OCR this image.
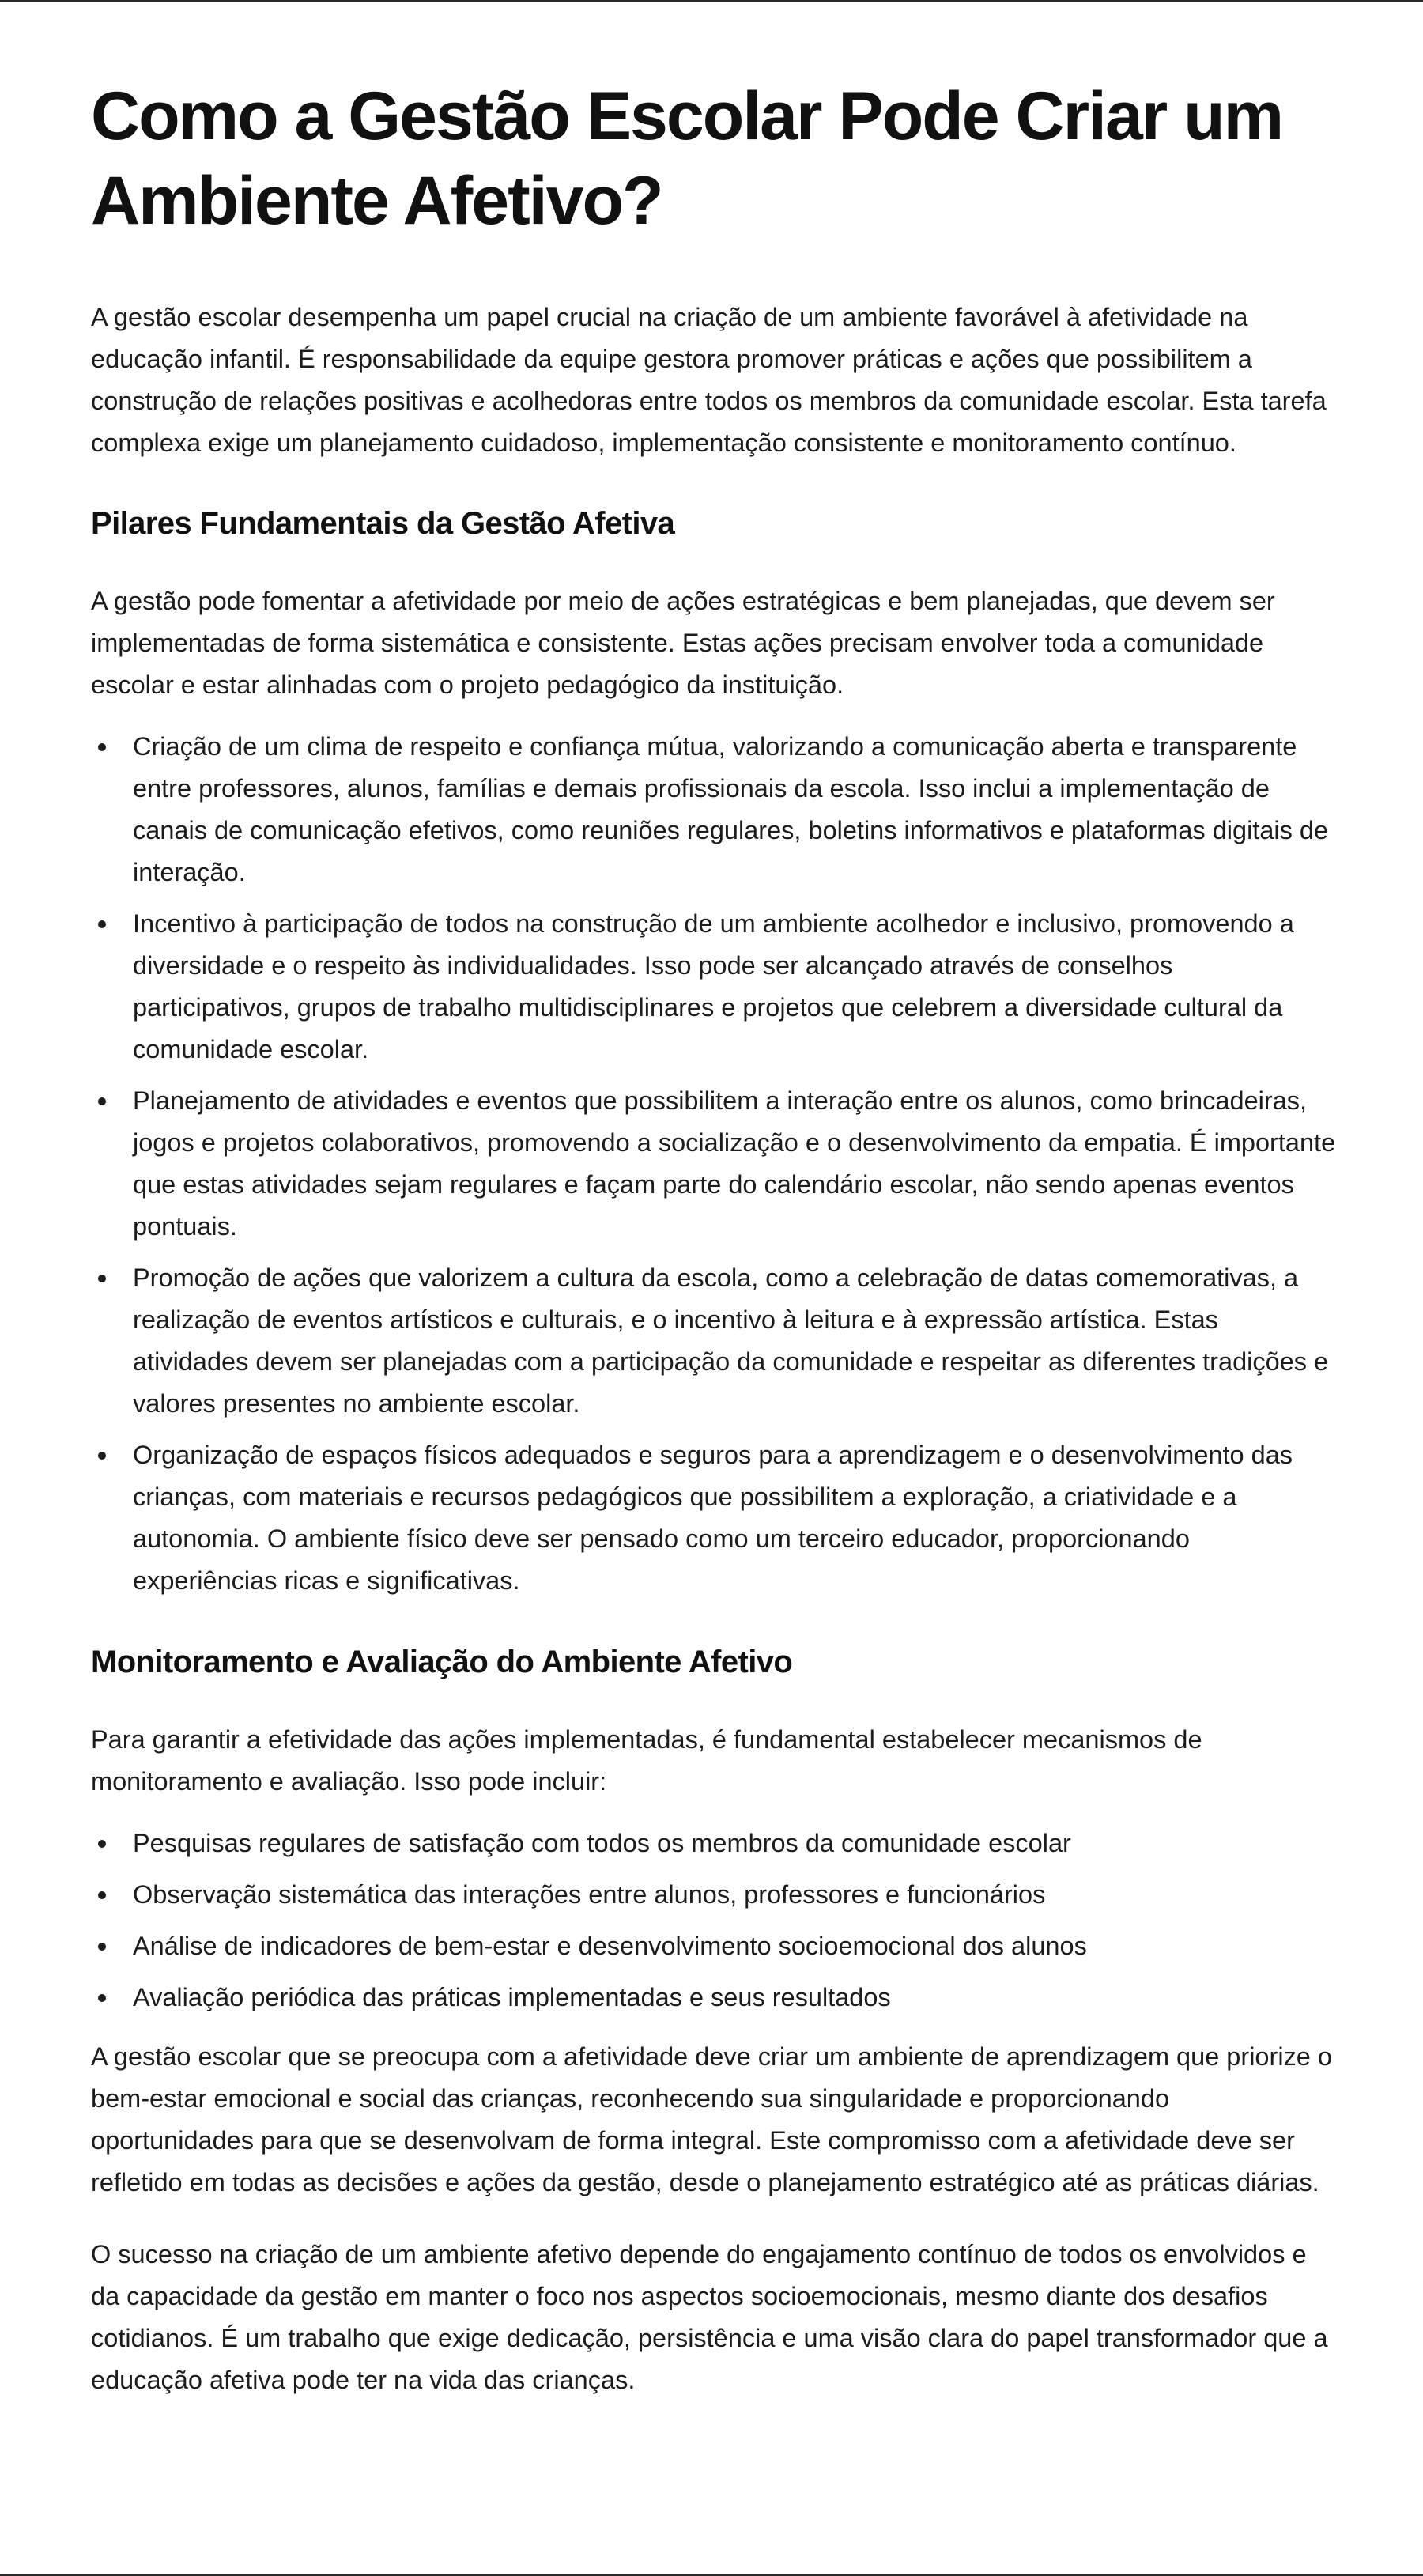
Como a Gestão Escolar Pode Criar um Ambiente Afetivo?

A gestão escolar desempenha um papel crucial na criação de um ambiente favorável à afetividade na educação infantil. É responsabilidade da equipe gestora promover práticas e ações que possibilitem a construção de relações positivas e acolhedoras entre todos os membros da comunidade escolar. Esta tarefa complexa exige um planejamento cuidadoso, implementação consistente e monitoramento contínuo.

Pilares Fundamentais da Gestão Afetiva

A gestão pode fomentar a afetividade por meio de ações estratégicas e bem planejadas, que devem ser implementadas de forma sistemática e consistente. Estas ações precisam envolver toda a comunidade escolar e estar alinhadas com o projeto pedagógico da instituição.

Criação de um clima de respeito e confiança mútua, valorizando a comunicação aberta e transparente entre professores, alunos, famílias e demais profissionais da escola. Isso inclui a implementação de canais de comunicação efetivos, como reuniões regulares, boletins informativos e plataformas digitais de interação.
Incentivo à participação de todos na construção de um ambiente acolhedor e inclusivo, promovendo a diversidade e o respeito às individualidades. Isso pode ser alcançado através de conselhos participativos, grupos de trabalho multidisciplinares e projetos que celebrem a diversidade cultural da comunidade escolar.
Planejamento de atividades e eventos que possibilitem a interação entre os alunos, como brincadeiras, jogos e projetos colaborativos, promovendo a socialização e o desenvolvimento da empatia. É importante que estas atividades sejam regulares e façam parte do calendário escolar, não sendo apenas eventos pontuais.
Promoção de ações que valorizem a cultura da escola, como a celebração de datas comemorativas, a realização de eventos artísticos e culturais, e o incentivo à leitura e à expressão artística. Estas atividades devem ser planejadas com a participação da comunidade e respeitar as diferentes tradições e valores presentes no ambiente escolar.
Organização de espaços físicos adequados e seguros para a aprendizagem e o desenvolvimento das crianças, com materiais e recursos pedagógicos que possibilitem a exploração, a criatividade e a autonomia. O ambiente físico deve ser pensado como um terceiro educador, proporcionando experiências ricas e significativas.
Monitoramento e Avaliação do Ambiente Afetivo

Para garantir a efetividade das ações implementadas, é fundamental estabelecer mecanismos de monitoramento e avaliação. Isso pode incluir:

Pesquisas regulares de satisfação com todos os membros da comunidade escolar
Observação sistemática das interações entre alunos, professores e funcionários
Análise de indicadores de bem-estar e desenvolvimento socioemocional dos alunos
Avaliação periódica das práticas implementadas e seus resultados

A gestão escolar que se preocupa com a afetividade deve criar um ambiente de aprendizagem que priorize o bem-estar emocional e social das crianças, reconhecendo sua singularidade e proporcionando oportunidades para que se desenvolvam de forma integral. Este compromisso com a afetividade deve ser refletido em todas as decisões e ações da gestão, desde o planejamento estratégico até as práticas diárias.

O sucesso na criação de um ambiente afetivo depende do engajamento contínuo de todos os envolvidos e da capacidade da gestão em manter o foco nos aspectos socioemocionais, mesmo diante dos desafios cotidianos. É um trabalho que exige dedicação, persistência e uma visão clara do papel transformador que a educação afetiva pode ter na vida das crianças.
